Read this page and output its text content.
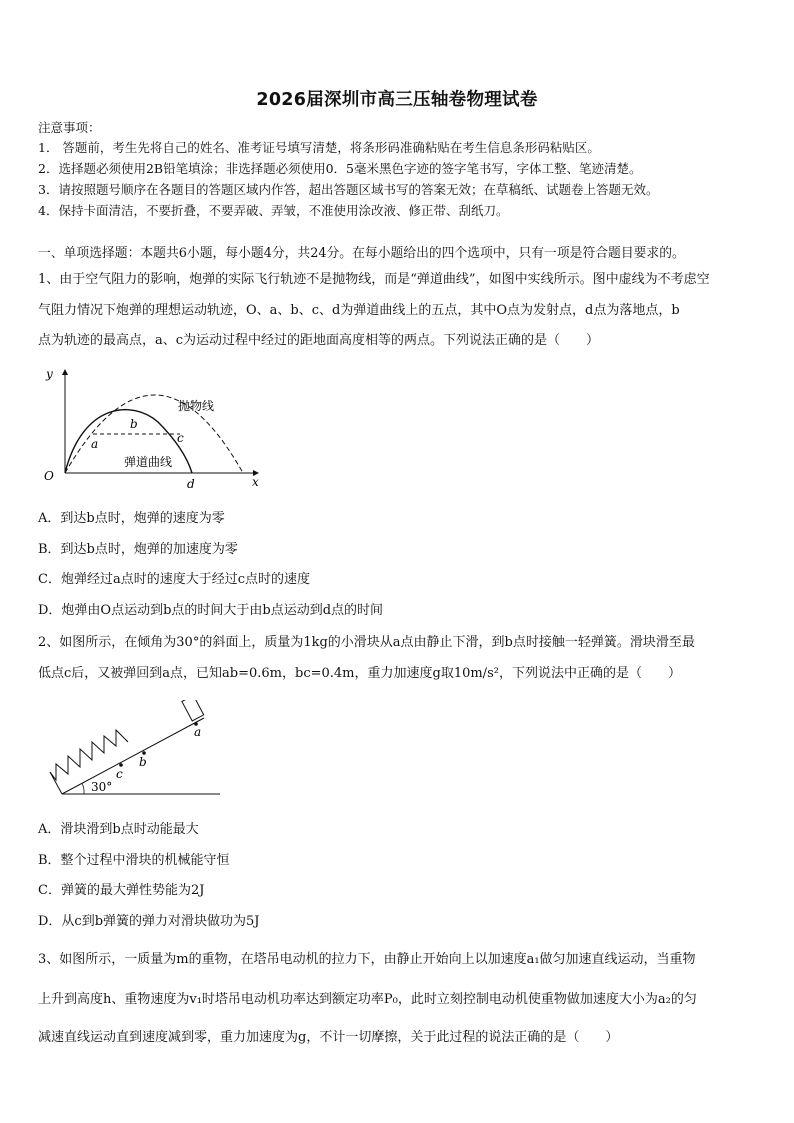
2026届深圳市高三压轴卷物理试卷
注意事项：
1． 答题前，考生先将自己的姓名、准考证号填写清楚，将条形码准确粘贴在考生信息条形码粘贴区。
2．选择题必须使用2B铅笔填涂；非选择题必须使用0．5毫米黑色字迹的签字笔书写，字体工整、笔迹清楚。
3．请按照题号顺序在各题目的答题区域内作答，超出答题区域书写的答案无效；在草稿纸、试题卷上答题无效。
4．保持卡面清洁，不要折叠，不要弄破、弄皱，不准使用涂改液、修正带、刮纸刀。
一、单项选择题：本题共6小题，每小题4分，共24分。在每小题给出的四个选项中，只有一项是符合题目要求的。
1、由于空气阻力的影响，炮弹的实际飞行轨迹不是抛物线，而是“弹道曲线”，如图中实线所示。图中虚线为不考虑空
气阻力情况下炮弹的理想运动轨迹，O、a、b、c、d为弹道曲线上的五点，其中O点为发射点，d点为落地点，b
点为轨迹的最高点，a、c为运动过程中经过的距地面高度相等的两点。下列说法正确的是（　　）
y
x
O
a
b
c
d
抛物线
弹道曲线
A．到达b点时，炮弹的速度为零
B．到达b点时，炮弹的加速度为零
C．炮弹经过a点时的速度大于经过c点时的速度
D．炮弹由O点运动到b点的时间大于由b点运动到d点的时间
2、如图所示，在倾角为30°的斜面上，质量为1kg的小滑块从a点由静止下滑，到b点时接触一轻弹簧。滑块滑至最
低点c后，又被弹回到a点，已知ab=0.6m，bc=0.4m，重力加速度g取10m/s²，下列说法中正确的是（　　）
c
b
a
30°
A．滑块滑到b点时动能最大
B．整个过程中滑块的机械能守恒
C．弹簧的最大弹性势能为2J
D．从c到b弹簧的弹力对滑块做功为5J
3、如图所示，一质量为m的重物，在塔吊电动机的拉力下，由静止开始向上以加速度a₁做匀加速直线运动，当重物
上升到高度h、重物速度为v₁时塔吊电动机功率达到额定功率P₀，此时立刻控制电动机使重物做加速度大小为a₂的匀
减速直线运动直到速度减到零，重力加速度为g，不计一切摩擦，关于此过程的说法正确的是（　　）
